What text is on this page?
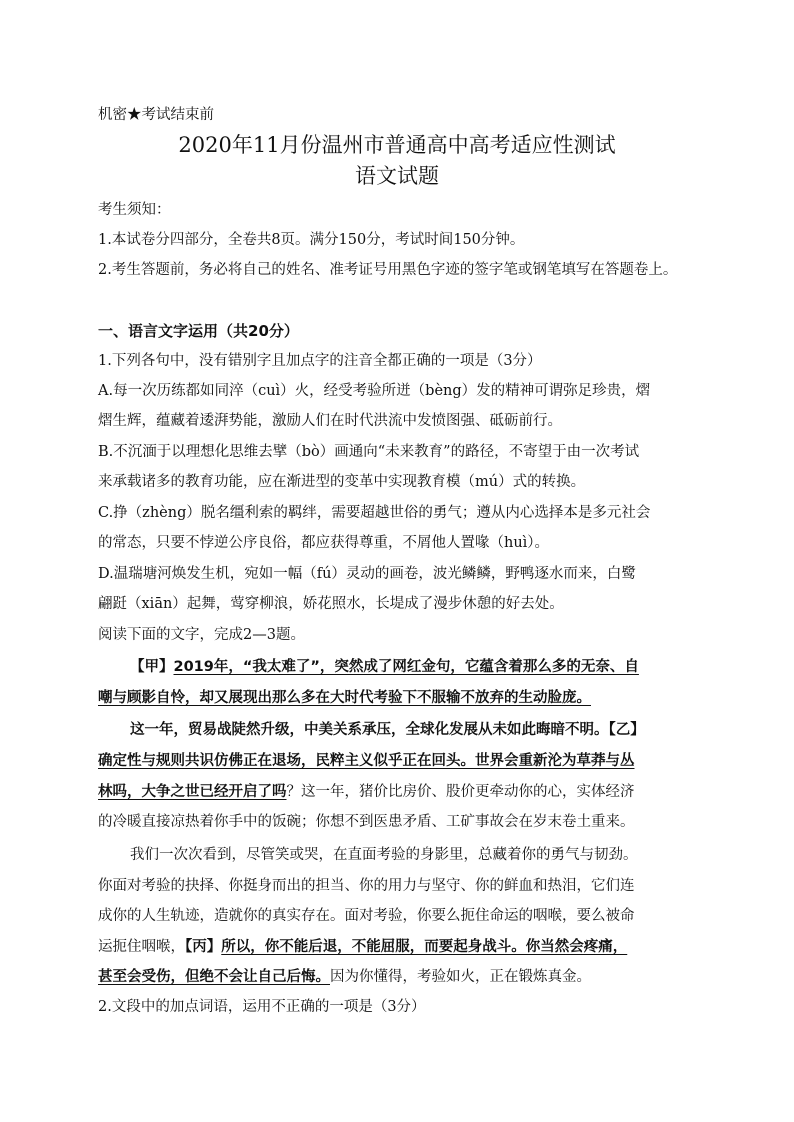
机密★考试结束前
2020年11月份温州市普通高中高考适应性测试
语文试题
考生须知：
1.本试卷分四部分，全卷共8页。满分150分，考试时间150分钟。
2.考生答题前，务必将自己的姓名、准考证号用黑色字迹的签字笔或钢笔填写在答题卷上。
一、语言文字运用（共20分）
1.下列各句中，没有错别字且加点字的注音全都正确的一项是（3分）
A.每一次历练都如同淬（cuì）火，经受考验所迸（bèng）发的精神可谓弥足珍贵，熠
熠生辉，蕴藏着逶湃势能，激励人们在时代洪流中发愤图强、砥砺前行。
B.不沉湎于以理想化思维去擘（bò）画通向“未来教育”的路径，不寄望于由一次考试
来承载诸多的教育功能，应在渐进型的变革中实现教育模（mú）式的转换。
C.挣（zhèng）脱名缰利索的羁绊，需要超越世俗的勇气；遵从内心选择本是多元社会
的常态，只要不悖逆公序良俗，都应获得尊重，不屑他人置喙（huì）。
D.温瑞塘河焕发生机，宛如一幅（fú）灵动的画卷，波光鳞鳞，野鸭逐水而来，白鹭
翩跹（xiān）起舞，莺穿柳浪，娇花照水，长堤成了漫步休憩的好去处。
阅读下面的文字，完成2—3题。
【甲】2019年，“我太难了”，突然成了网红金句，它蕴含着那么多的无奈、自
嘲与顾影自怜，却又展现出那么多在大时代考验下不服输不放弃的生动脸庞。
这一年，贸易战陡然升级，中美关系承压，全球化发展从未如此晦暗不明。【乙】
确定性与规则共识仿佛正在退场，民粹主义似乎正在回头。世界会重新沦为草莽与丛
林吗，大争之世已经开启了吗？这一年，猪价比房价、股价更牵动你的心，实体经济
的冷暖直接凉热着你手中的饭碗；你想不到医患矛盾、工矿事故会在岁末卷土重来。
我们一次次看到，尽管笑或哭，在直面考验的身影里，总藏着你的勇气与韧劲。
你面对考验的抉择、你挺身而出的担当、你的用力与坚守、你的鲜血和热泪，它们连
成你的人生轨迹，造就你的真实存在。面对考验，你要么扼住命运的咽喉，要么被命
运扼住咽喉，【丙】所以，你不能后退，不能屈服，而要起身战斗。你当然会疼痛，
甚至会受伤，但绝不会让自己后悔。因为你懂得，考验如火，正在锻炼真金。
2.文段中的加点词语，运用不正确的一项是（3分）
